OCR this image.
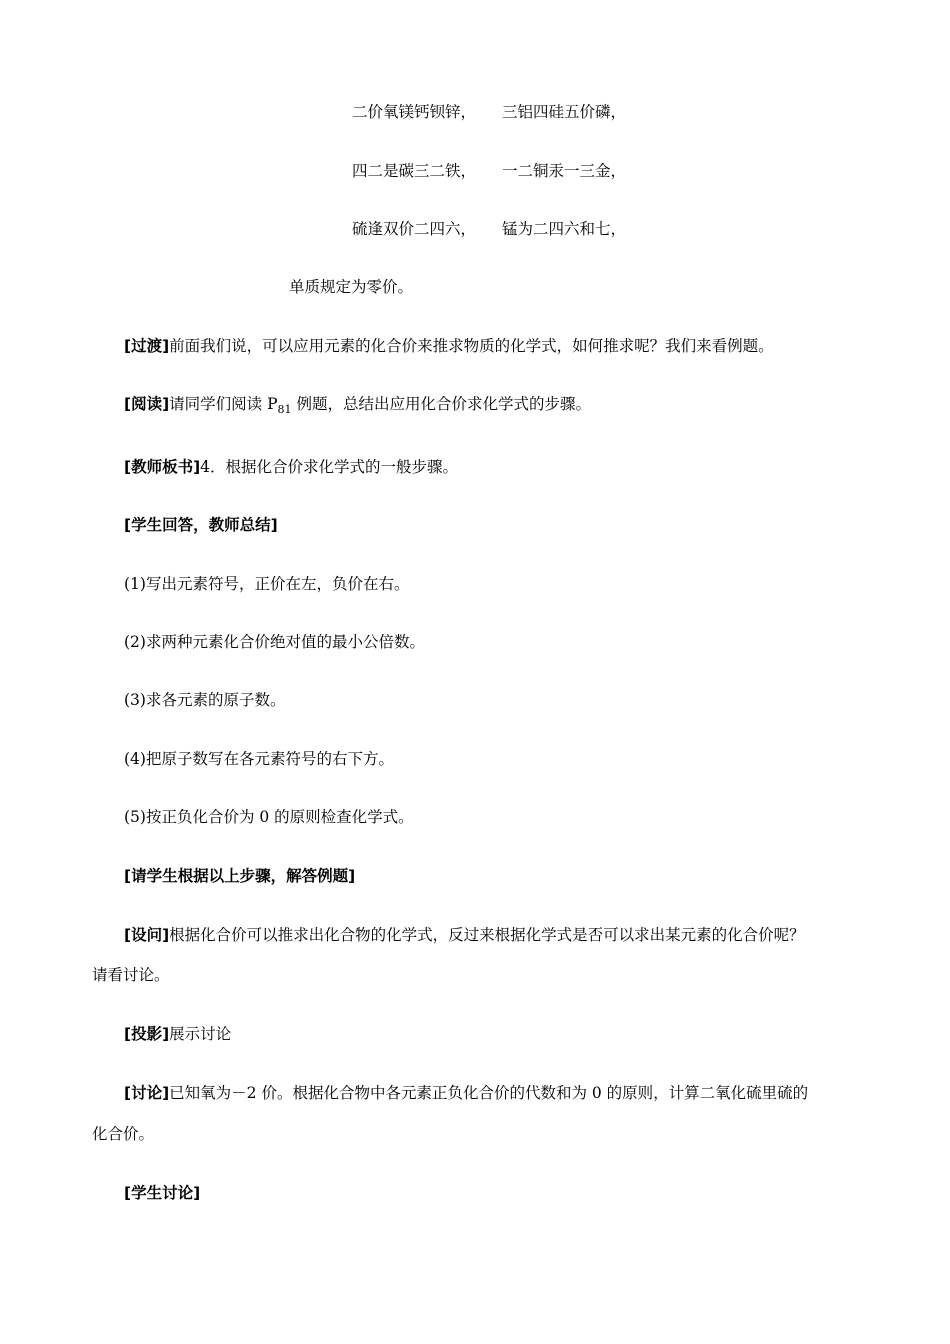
二价氧镁钙钡锌， 三铝四硅五价磷，
四二是碳三二铁， 一二铜汞一三金，
硫逢双价二四六， 锰为二四六和七，
单质规定为零价。
[过渡]前面我们说，可以应用元素的化合价来推求物质的化学式，如何推求呢？我们来看例题。
[阅读]请同学们阅读 $P_{81}$ 例题，总结出应用化合价求化学式的步骤。
[教师板书]4．根据化合价求化学式的一般步骤。
[学生回答，教师总结]
(1)写出元素符号，正价在左，负价在右。
(2)求两种元素化合价绝对值的最小公倍数。
(3)求各元素的原子数。
(4)把原子数写在各元素符号的右下方。
(5)按正负化合价为 0 的原则检查化学式。
[请学生根据以上步骤，解答例题]
[设问]根据化合价可以推求出化合物的化学式，反过来根据化学式是否可以求出某元素的化合价呢？
请看讨论。
[投影]展示讨论
[讨论]已知氧为－2 价。根据化合物中各元素正负化合价的代数和为 0 的原则，计算二氧化硫里硫的
化合价。
[学生讨论]
